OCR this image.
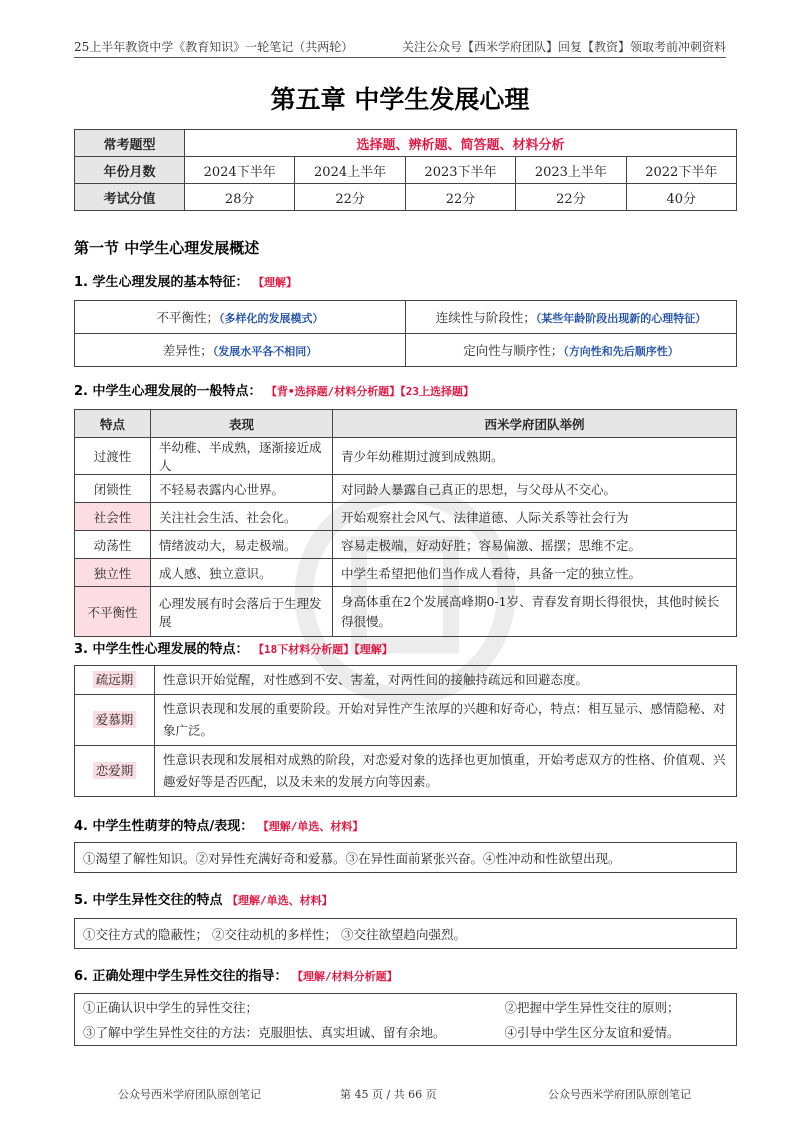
25上半年教资中学《教育知识》一轮笔记（共两轮）	关注公众号【西米学府团队】回复【教资】领取考前冲刺资料
第五章 中学生发展心理
常考题型	选择题、辨析题、简答题、材料分析				
年份月数	2024下半年	2024上半年	2023下半年	2023上半年	2022下半年
考试分值	28分	22分	22分	22分	40分
第一节 中学生心理发展概述
1. 学生心理发展的基本特征： 【理解】
不平衡性；（多样化的发展模式）	连续性与阶段性；（某些年龄阶段出现新的心理特征）
差异性；（发展水平各不相同）	定向性与顺序性；（方向性和先后顺序性）
2. 中学生心理发展的一般特点： 【背•选择题/材料分析题】【23上选择题】
特点	表现	西米学府团队举例
过渡性	半幼稚、半成熟，逐渐接近成人	青少年幼稚期过渡到成熟期。
闭锁性	不轻易表露内心世界。	对同龄人暴露自己真正的思想，与父母从不交心。
社会性	关注社会生活、社会化。	开始观察社会风气、法律道德、人际关系等社会行为
动荡性	情绪波动大，易走极端。	容易走极端，好动好胜；容易偏激、摇摆；思维不定。
独立性	成人感、独立意识。	中学生希望把他们当作成人看待，具备一定的独立性。
不平衡性	心理发展有时会落后于生理发展	身高体重在2个发展高峰期0-1岁、青春发育期长得很快，其他时候长得很慢。
3. 中学生性心理发展的特点： 【18下材料分析题】【理解】
疏远期	性意识开始觉醒，对性感到不安、害羞，对两性间的接触持疏远和回避态度。
爱慕期	性意识表现和发展的重要阶段。开始对异性产生浓厚的兴趣和好奇心，特点：相互显示、感情隐秘、对象广泛。
恋爱期	性意识表现和发展相对成熟的阶段，对恋爱对象的选择也更加慎重，开始考虑双方的性格、价值观、兴趣爱好等是否匹配，以及未来的发展方向等因素。
4. 中学生性萌芽的特点/表现： 【理解/单选、材料】
①渴望了解性知识。②对异性充满好奇和爱慕。③在异性面前紧张兴奋。④性冲动和性欲望出现。
5. 中学生异性交往的特点 【理解/单选、材料】
①交往方式的隐蔽性； ②交往动机的多样性； ③交往欲望趋向强烈。
6. 正确处理中学生异性交往的指导： 【理解/材料分析题】
①正确认识中学生的异性交往；	②把握中学生异性交往的原则；
③了解中学生异性交往的方法：克服胆怯、真实坦诚、留有余地。	④引导中学生区分友谊和爱情。
公众号西米学府团队原创笔记	第 45 页 / 共 66 页	公众号西米学府团队原创笔记
